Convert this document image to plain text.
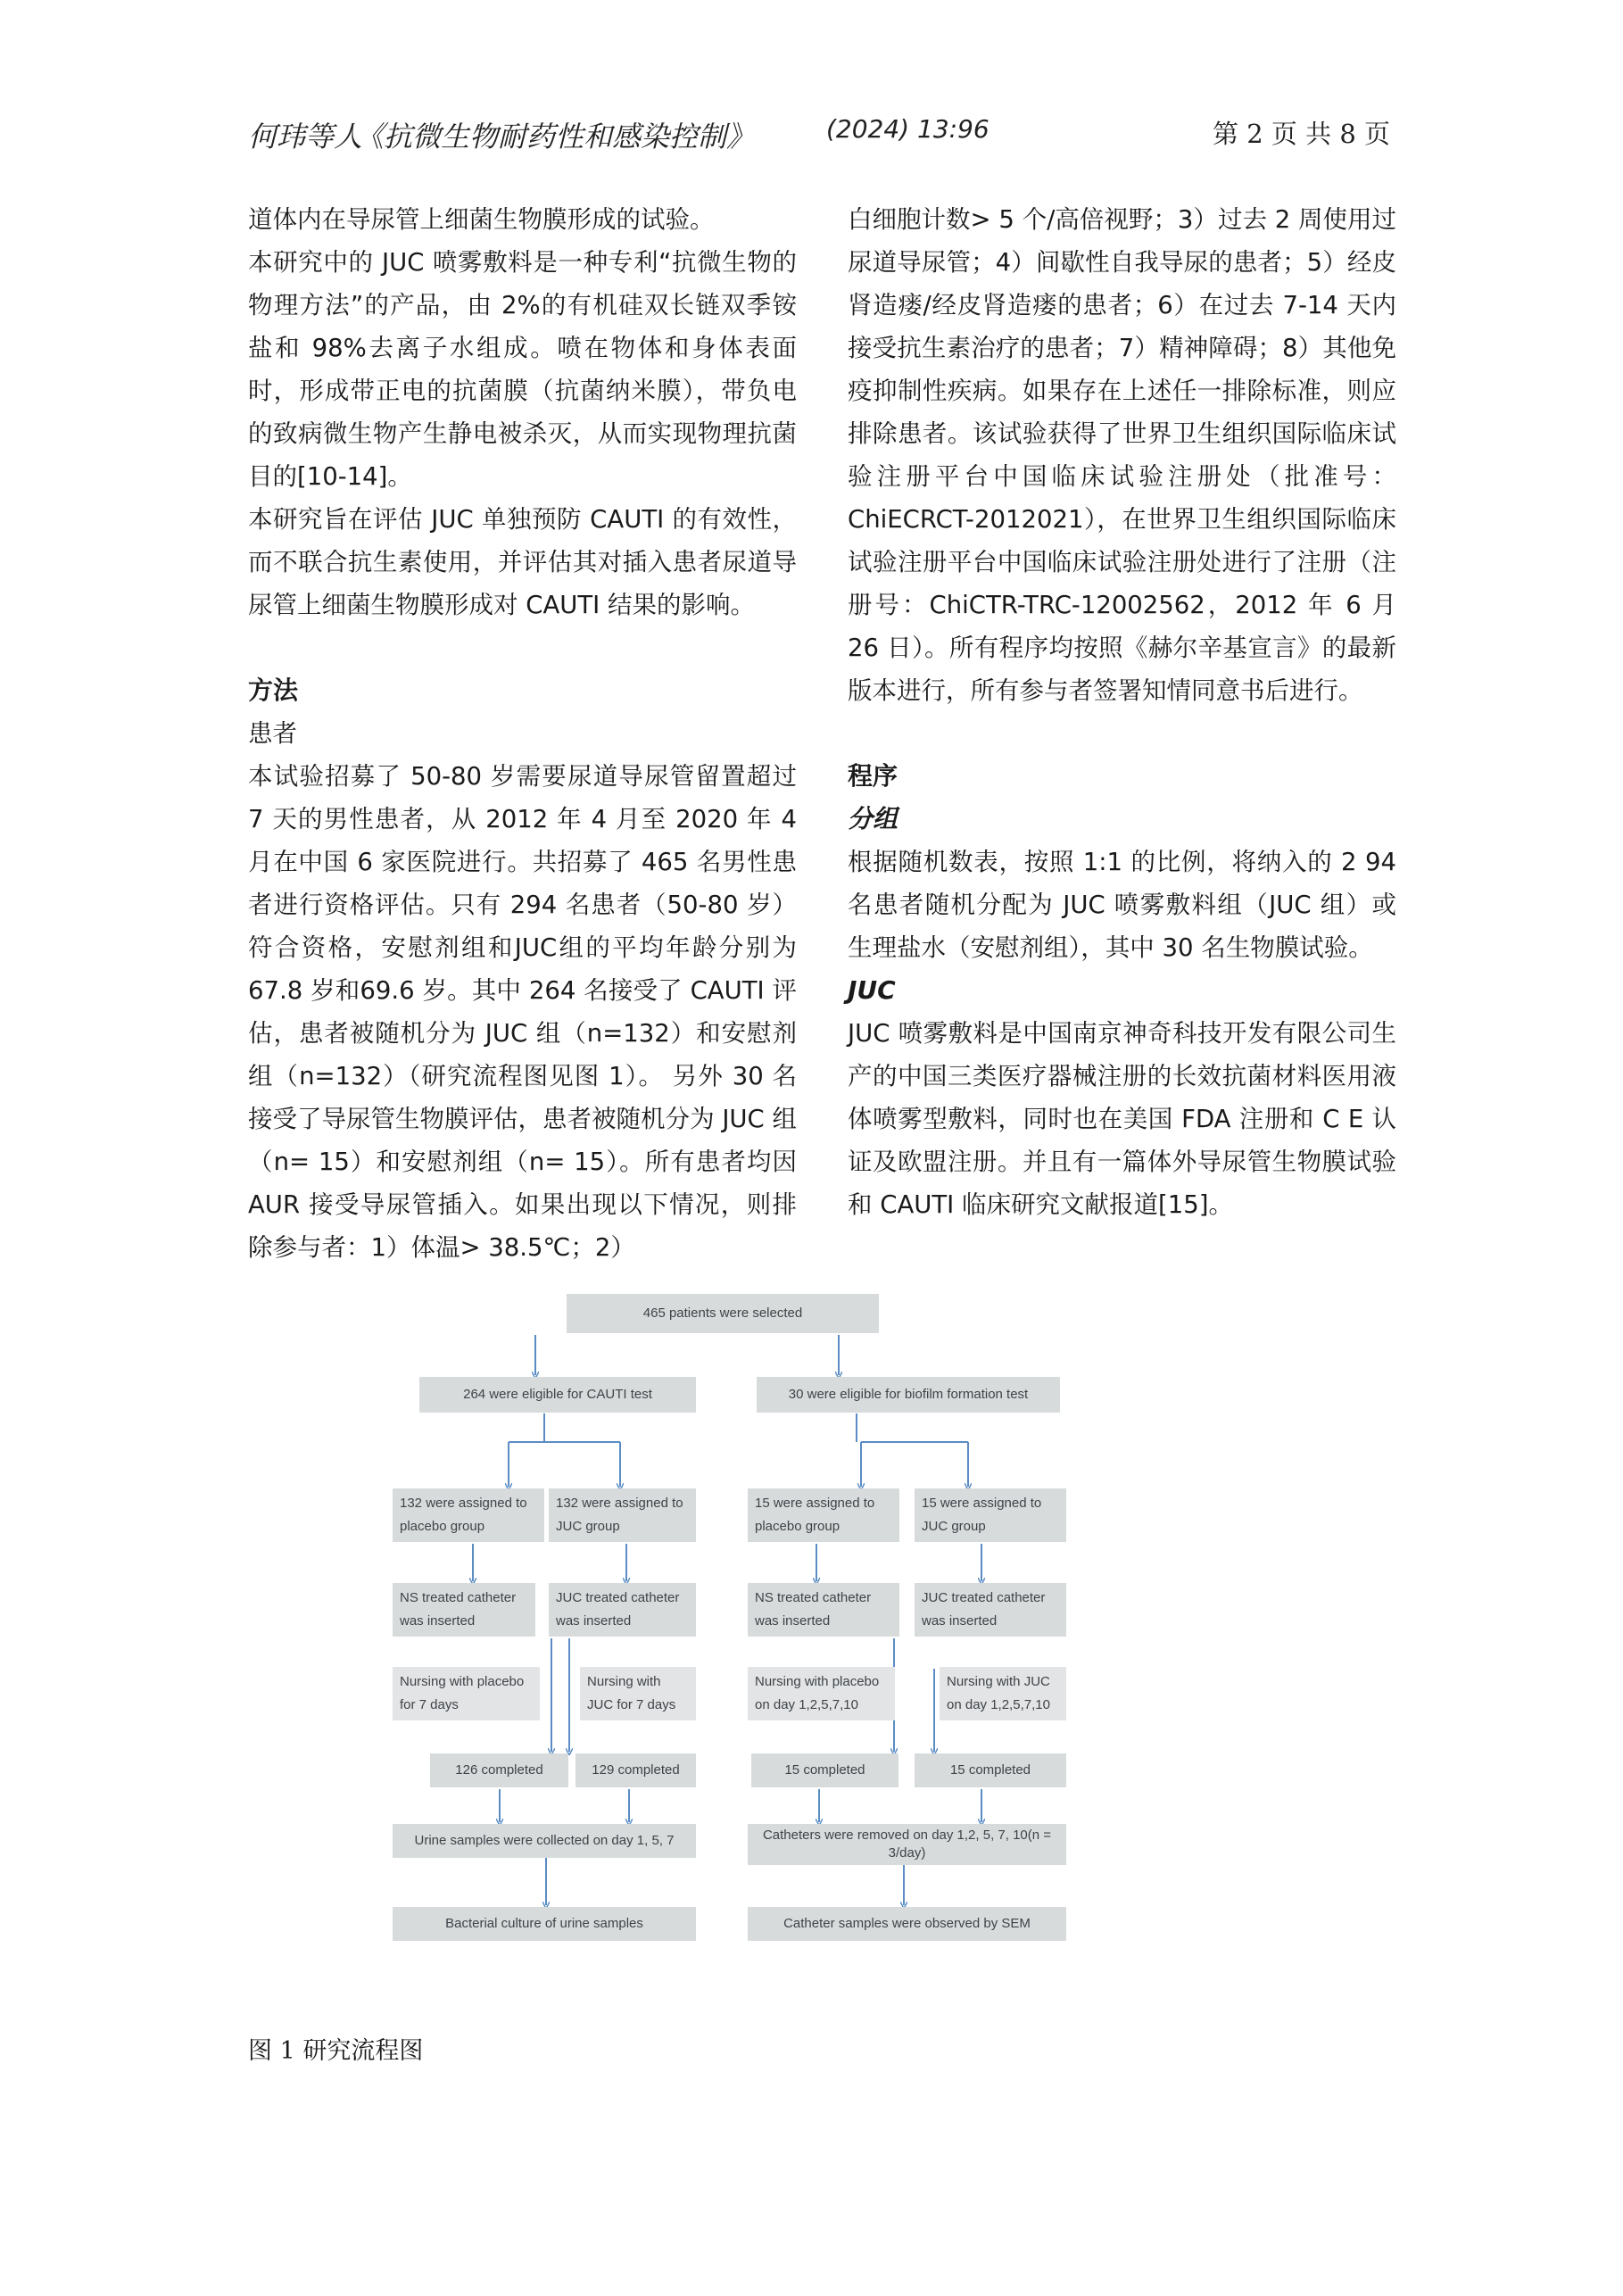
何玮等人
《抗微生物耐药性和感染控制》	(2024) 13:96	第 2 页 共 8 页

道体内在导尿管上细菌生物膜形成的试验。

本研究中的 JUC 喷雾敷料是一种专利“抗微生物的物理方法”的产品，由 2%的有机硅双长链双季铵盐和 98%去离子水组成。喷在物体和身体表面时，形成带正电的抗菌膜（抗菌纳米膜），带负电的致病微生物产生静电被杀灭，从而实现物理抗菌目的[10-14]。

本研究旨在评估 JUC 单独预防 CAUTI 的有效性，而不联合抗生素使用，并评估其对插入患者尿道导尿管上细菌生物膜形成对 CAUTI 结果的影响。

方法
患者

本试验招募了 50-80 岁需要尿道导尿管留置超过 7 天的男性患者，从 2012 年 4 月至 2020 年 4 月在中国 6 家医院进行。共招募了 465 名男性患者进行资格评估。只有 294 名患者（50-80 岁）符合资格，安慰剂组和JUC组的平均年龄分别为67.8 岁和69.6 岁。其中 264 名接受了 CAUTI 评估，患者被随机分为 JUC 组（n=132）和安慰剂组（n=132）（研究流程图见图 1）。 另外 30 名接受了导尿管生物膜评估，患者被随机分为 JUC 组（n= 15）和安慰剂组（n= 15）。所有患者均因 AUR 接受导尿管插入。如果出现以下情况，则排除参与者：1）体温> 38.5℃；2）

白细胞计数> 5 个/高倍视野；3）过去 2 周使用过尿道导尿管；4）间歇性自我导尿的患者；5）经皮肾造瘘/经皮肾造瘘的患者；6）在过去 7-14 天内接受抗生素治疗的患者；7）精神障碍；8）其他免疫抑制性疾病。如果存在上述任一排除标准，则应排除患者。该试验获得了世界卫生组织国际临床试验注册平台中国临床试验注册处（批准号：ChiECRCT-2012021），在世界卫生组织国际临床试验注册平台中国临床试验注册处进行了注册（注册号：ChiCTR-TRC-12002562，2012 年 6 月 26 日）。所有程序均按照《赫尔辛基宣言》的最新版本进行，所有参与者签署知情同意书后进行。

程序
分组

根据随机数表，按照 1:1 的比例，将纳入的 2 94 名患者随机分配为 JUC 喷雾敷料组（JUC 组）或生理盐水（安慰剂组），其中 30 名生物膜试验。

JUC

JUC 喷雾敷料是中国南京神奇科技开发有限公司生产的中国三类医疗器械注册的长效抗菌材料医用液体喷雾型敷料，同时也在美国 FDA 注册和 C E 认证及欧盟注册。并且有一篇体外导尿管生物膜试验和 CAUTI 临床研究文献报道[15]。

465 patients were selected
264 were eligible for CAUTI test	30 were eligible for biofilm formation test
132 were assigned to placebo group
132 were assigned to JUC group
15 were assigned to placebo group
15 were assigned to JUC group
NS treated catheter was inserted
JUC treated catheter was inserted
NS treated catheter was inserted
JUC treated catheter was inserted
Nursing with placebo for 7 days
Nursing with JUC for 7 days
Nursing with placebo on day 1,2,5,7,10
Nursing with JUC on day 1,2,5,7,10
126 completed	129 completed	15 completed	15 completed
Urine samples were collected on day 1, 5, 7	Catheters were removed on day 1,2, 5, 7, 10(n = 3/day)
Bacterial culture of urine samples	Catheter samples were observed by SEM
图 1 研究流程图
